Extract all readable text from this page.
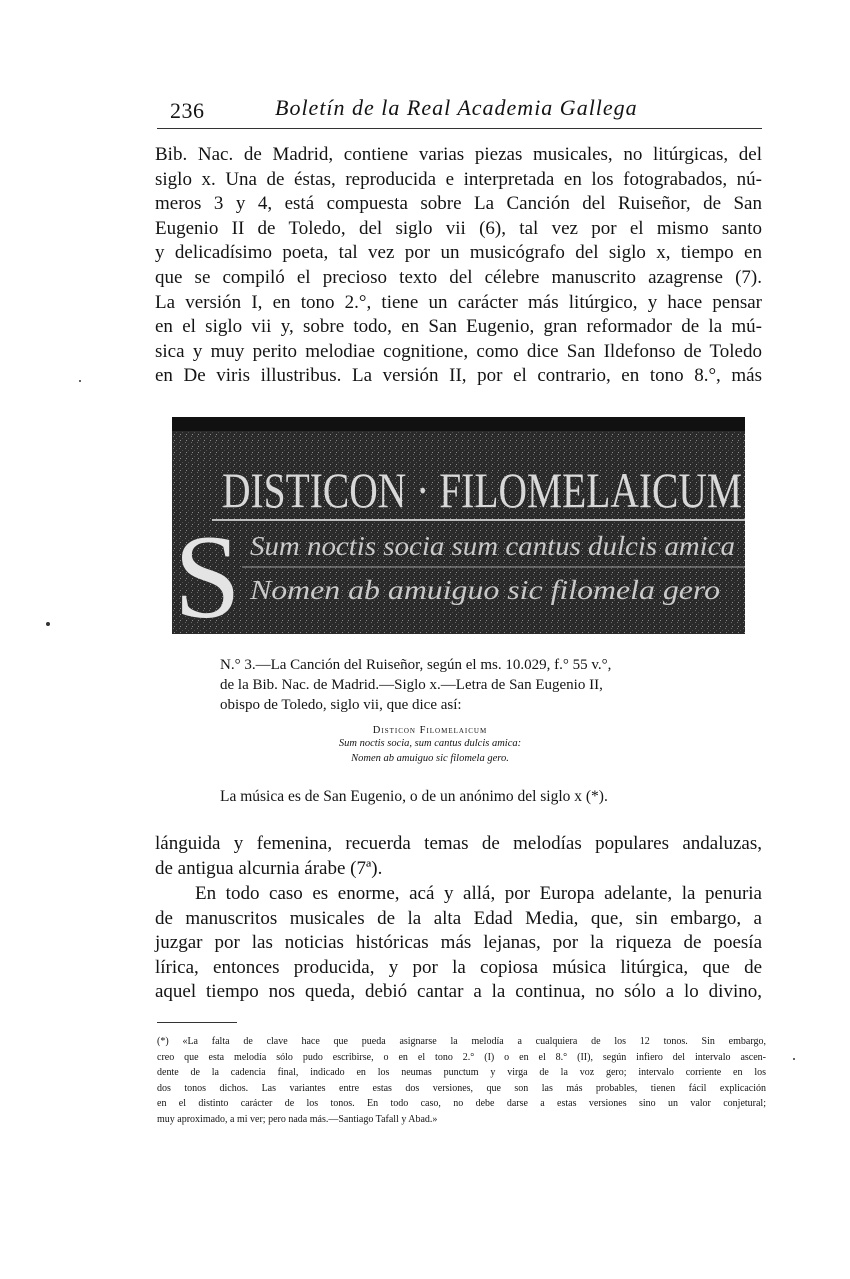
236	Boletín de la Real Academia Gallega
Bib. Nac. de Madrid, contiene varias piezas musicales, no litúrgicas, del
siglo x. Una de éstas, reproducida e interpretada en los fotograbados, nú-
meros 3 y 4, está compuesta sobre La Canción del Ruiseñor, de San
Eugenio II de Toledo, del siglo vii (6), tal vez por el mismo santo
y delicadísimo poeta, tal vez por un musicógrafo del siglo x, tiempo en
que se compiló el precioso texto del célebre manuscrito azagrense (7).
La versión I, en tono 2.°, tiene un carácter más litúrgico, y hace pensar
en el siglo vii y, sobre todo, en San Eugenio, gran reformador de la mú-
sica y muy perito melodiae cognitione, como dice San Ildefonso de Toledo
en De viris illustribus. La versión II, por el contrario, en tono 8.°, más
DISTICON · FILOMELAICUM
S Sum noctis socia sum cantus dulcis amica
Nomen ab amuiguo sic filomela gero
N.° 3.—La Canción del Ruiseñor, según el ms. 10.029, f.° 55 v.°,
de la Bib. Nac. de Madrid.—Siglo x.—Letra de San Eugenio II,
obispo de Toledo, siglo vii, que dice así:
Disticon Filomelaicum
Sum noctis socia, sum cantus dulcis amica:
Nomen ab amuiguo sic filomela gero.
La música es de San Eugenio, o de un anónimo del siglo x (*).
lánguida y femenina, recuerda temas de melodías populares andaluzas,
de antigua alcurnia árabe (7ª).
En todo caso es enorme, acá y allá, por Europa adelante, la penuria
de manuscritos musicales de la alta Edad Media, que, sin embargo, a
juzgar por las noticias históricas más lejanas, por la riqueza de poesía
lírica, entonces producida, y por la copiosa música litúrgica, que de
aquel tiempo nos queda, debió cantar a la continua, no sólo a lo divino,
(*) «La falta de clave hace que pueda asignarse la melodía a cualquiera de los 12 tonos. Sin embargo,
creo que esta melodía sólo pudo escribirse, o en el tono 2.° (I) o en el 8.° (II), según infiero del intervalo ascen-
dente de la cadencia final, indicado en los neumas punctum y virga de la voz gero; intervalo corriente en los
dos tonos dichos. Las variantes entre estas dos versiones, que son las más probables, tienen fácil explicación
en el distinto carácter de los tonos. En todo caso, no debe darse a estas versiones sino un valor conjetural;
muy aproximado, a mi ver; pero nada más.—Santiago Tafall y Abad.»
